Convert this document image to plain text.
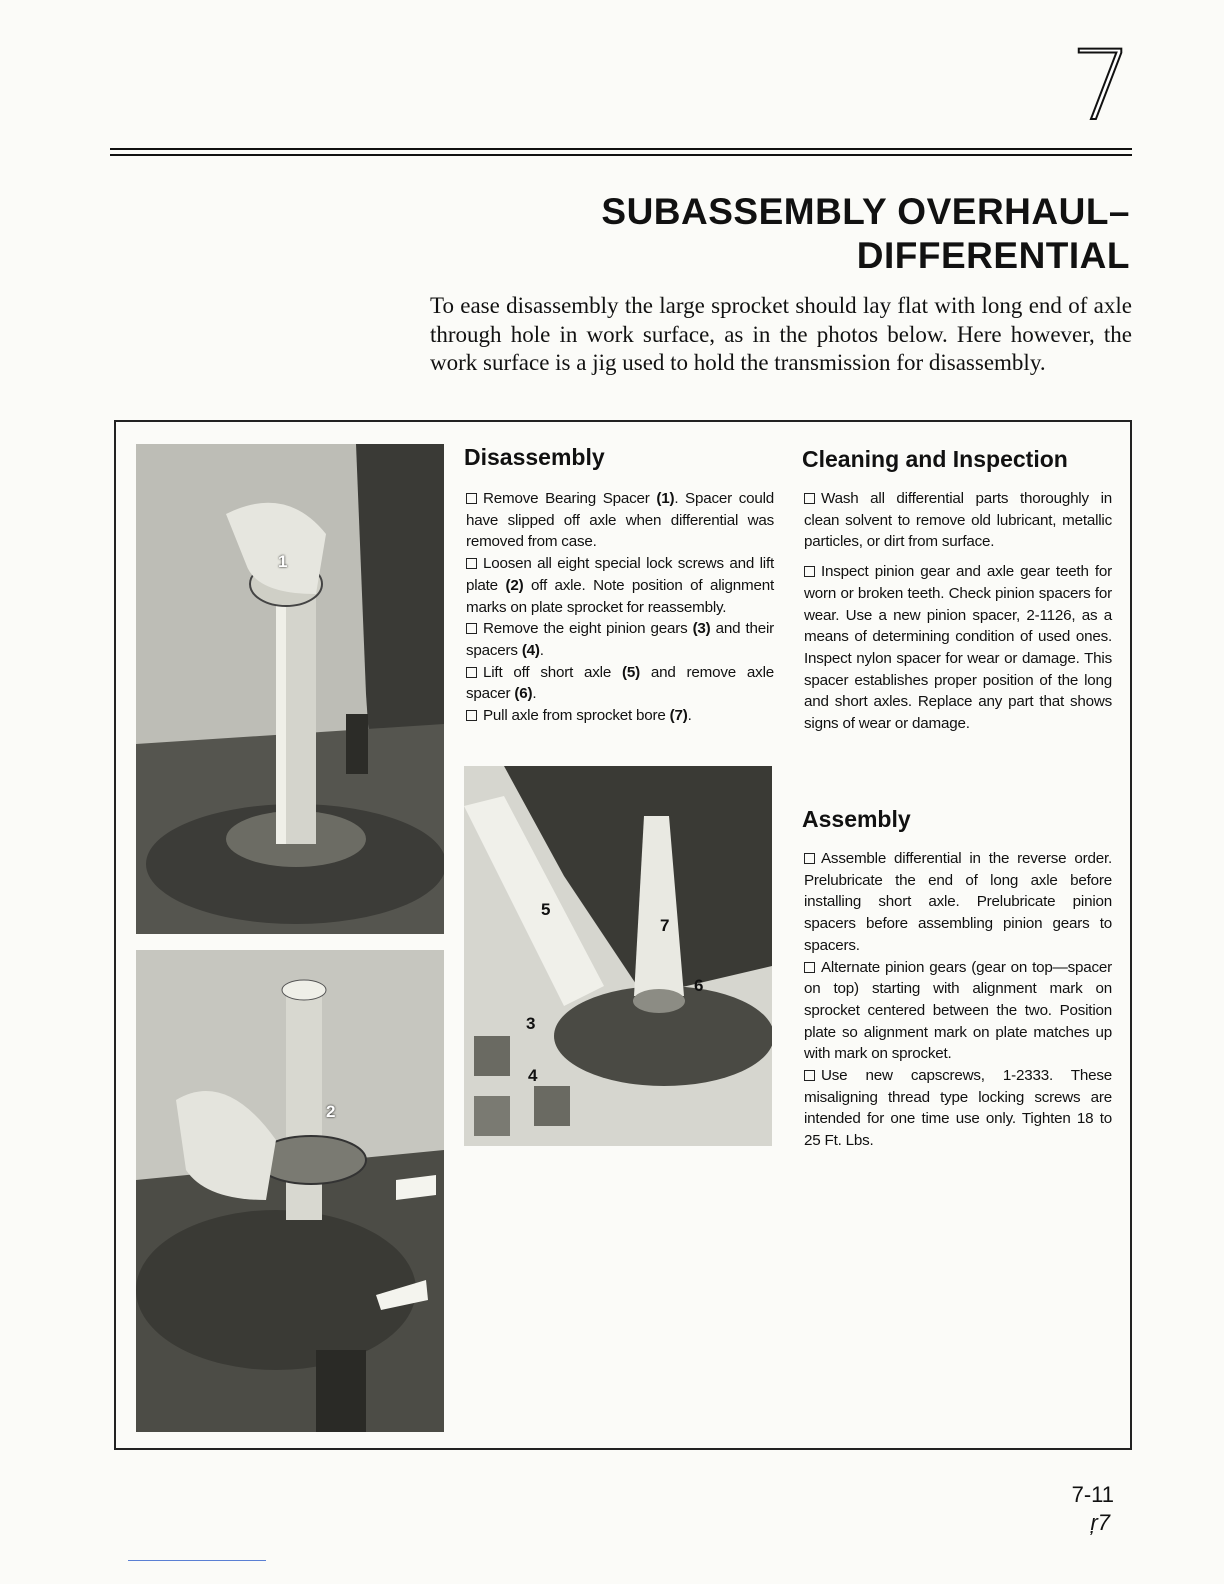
7
SUBASSEMBLY OVERHAUL–
DIFFERENTIAL
To ease disassembly the large sprocket should lay flat with long end of axle through hole in work surface, as in the photos below. Here however, the work surface is a jig used to hold the transmission for disassembly.
1
2
5
7
6
3
4
Disassembly

Remove Bearing Spacer (1). Spacer could have slipped off axle when differential was removed from case.

Loosen all eight special lock screws and lift plate (2) off axle. Note position of alignment marks on plate sprocket for reassembly.

Remove the eight pinion gears (3) and their spacers (4).

Lift off short axle (5) and remove axle spacer (6).

Pull axle from sprocket bore (7).

Cleaning and Inspection

Wash all differential parts thoroughly in clean solvent to remove old lubricant, metallic particles, or dirt from surface.

Inspect pinion gear and axle gear teeth for worn or broken teeth. Check pinion spacers for wear. Use a new pinion spacer, 2-1126, as a means of determining condition of used ones. Inspect nylon spacer for wear or damage. This spacer establishes proper position of the long and short axles. Replace any part that shows signs of wear or damage.

Assembly

Assemble differential in the reverse order. Prelubricate the end of long axle before installing short axle. Prelubricate pinion spacers before assembling pinion gears to spacers.

Alternate pinion gears (gear on top—spacer on top) starting with alignment mark on sprocket centered between the two. Position plate so alignment mark on plate matches up with mark on sprocket.

Use new capscrews, 1-2333. These misaligning thread type locking screws are intended for one time use only. Tighten 18 to 25 Ft. Lbs.

7-11
ŗ7
